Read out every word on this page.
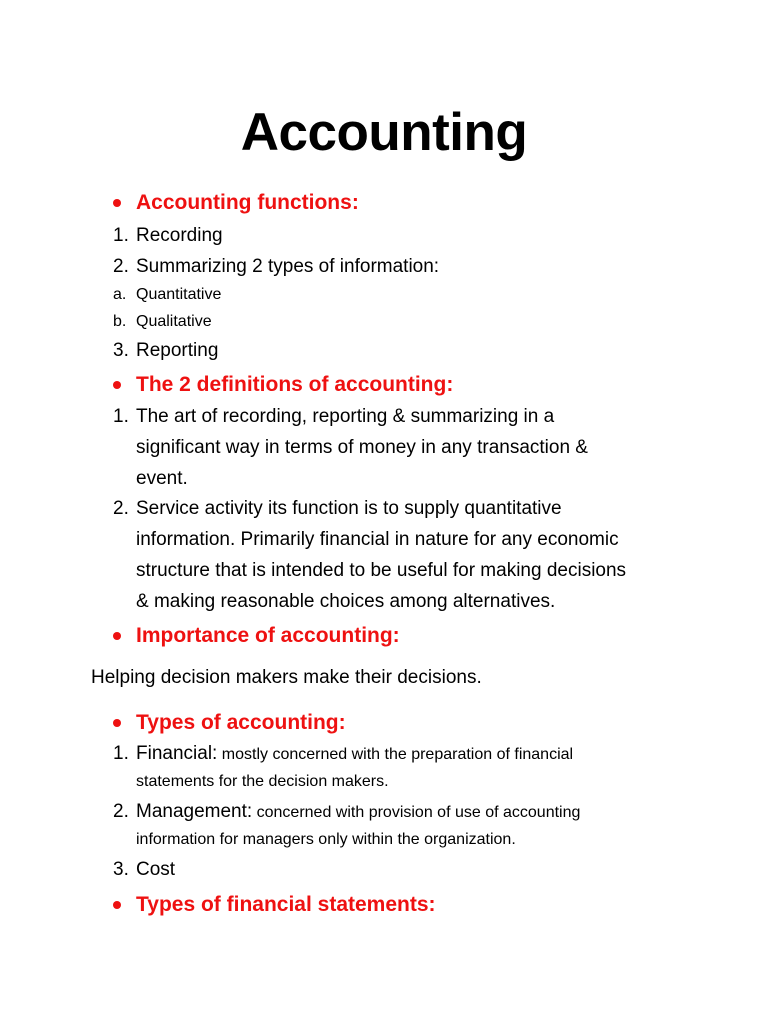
Accounting
Accounting functions:
1. Recording
2. Summarizing 2 types of information:
a. Quantitative
b. Qualitative
3. Reporting
The 2 definitions of accounting:
1. The art of recording, reporting & summarizing in a
significant way in terms of money in any transaction &
event.
2. Service activity its function is to supply quantitative
information. Primarily financial in nature for any economic
structure that is intended to be useful for making decisions
& making reasonable choices among alternatives.
Importance of accounting:
Helping decision makers make their decisions.
Types of accounting:
1. Financial: mostly concerned with the preparation of financial
statements for the decision makers.
2. Management: concerned with provision of use of accounting
information for managers only within the organization.
3. Cost
Types of financial statements:
